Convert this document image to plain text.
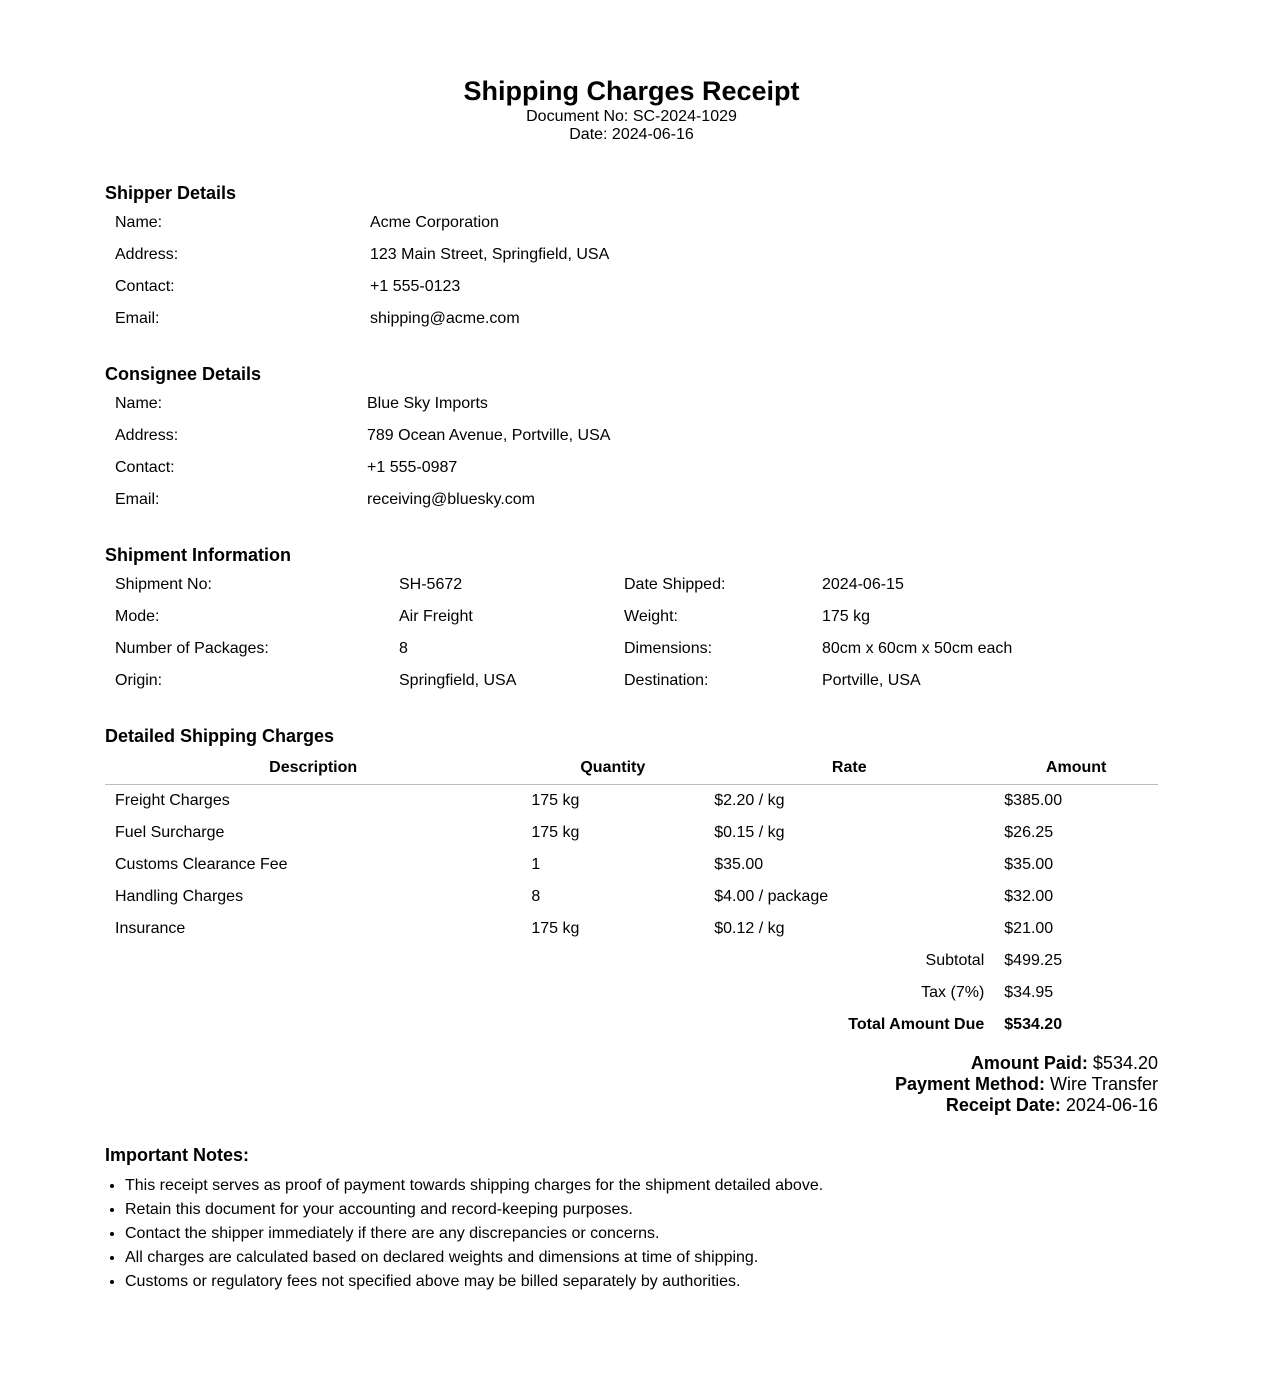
Shipping Charges Receipt
Document No: SC-2024-1029
Date: 2024-06-16
Shipper Details
Name:	Acme Corporation
Address:	123 Main Street, Springfield, USA
Contact:	+1 555-0123
Email:	shipping@acme.com
Consignee Details
Name:	Blue Sky Imports
Address:	789 Ocean Avenue, Portville, USA
Contact:	+1 555-0987
Email:	receiving@bluesky.com
Shipment Information
Shipment No:	SH-5672	Date Shipped:	2024-06-15
Mode:	Air Freight	Weight:	175 kg
Number of Packages:	8	Dimensions:	80cm x 60cm x 50cm each
Origin:	Springfield, USA	Destination:	Portville, USA
Detailed Shipping Charges
Description	Quantity	Rate	Amount
Freight Charges	175 kg	$2.20 / kg	$385.00
Fuel Surcharge	175 kg	$0.15 / kg	$26.25
Customs Clearance Fee	1	$35.00	$35.00
Handling Charges	8	$4.00 / package	$32.00
Insurance	175 kg	$0.12 / kg	$21.00
Subtotal			$499.25
Tax (7%)			$34.95
Total Amount Due			$534.20
Amount Paid: $534.20
Payment Method: Wire Transfer
Receipt Date: 2024-06-16
Important Notes:
• This receipt serves as proof of payment towards shipping charges for the shipment detailed above.
• Retain this document for your accounting and record-keeping purposes.
• Contact the shipper immediately if there are any discrepancies or concerns.
• All charges are calculated based on declared weights and dimensions at time of shipping.
• Customs or regulatory fees not specified above may be billed separately by authorities.
